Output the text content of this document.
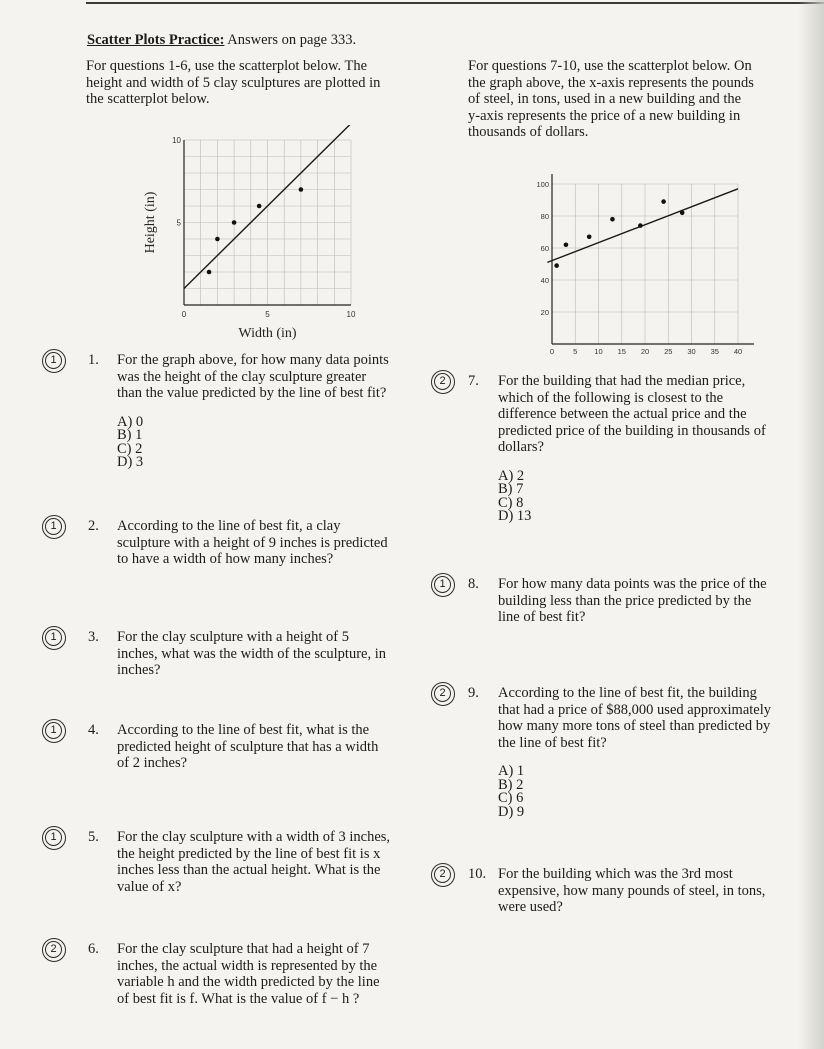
Scatter Plots Practice: Answers on page 333.
For questions 1-6, use the scatterplot below. The
height and width of 5 clay sculptures are plotted in
the scatterplot below.
For questions 7-10, use the scatterplot below. On
the graph above, the x-axis represents the pounds
of steel, in tons, used in a new building and the
y-axis represents the price of a new building in
thousands of dollars.
0	5	10
5
10
Width (in)
Height (in)
0	5 10 15 20 25 30 35 40
20
40
60
80
100
1	1. For the graph above, for how many data points
was the height of the clay sculpture greater
than the value predicted by the line of best fit?
A) 0
B) 1
C) 2
D) 3
1	2. According to the line of best fit, a clay
sculpture with a height of 9 inches is predicted
to have a width of how many inches?
1	3. For the clay sculpture with a height of 5
inches, what was the width of the sculpture, in
inches?
1	4. According to the line of best fit, what is the
predicted height of sculpture that has a width
of 2 inches?
1	5. For the clay sculpture with a width of 3 inches,
the height predicted by the line of best fit is x
inches less than the actual height. What is the
value of x?
2	6. For the clay sculpture that had a height of 7
inches, the actual width is represented by the
variable h and the width predicted by the line
of best fit is f. What is the value of f − h ?
2	7. For the building that had the median price,
which of the following is closest to the
difference between the actual price and the
predicted price of the building in thousands of
dollars?
A) 2
B) 7
C) 8
D) 13
1	8. For how many data points was the price of the
building less than the price predicted by the
line of best fit?
2	9. According to the line of best fit, the building
that had a price of $88,000 used approximately
how many more tons of steel than predicted by
the line of best fit?
A) 1
B) 2
C) 6
D) 9
2	10. For the building which was the 3rd most
expensive, how many pounds of steel, in tons,
were used?
